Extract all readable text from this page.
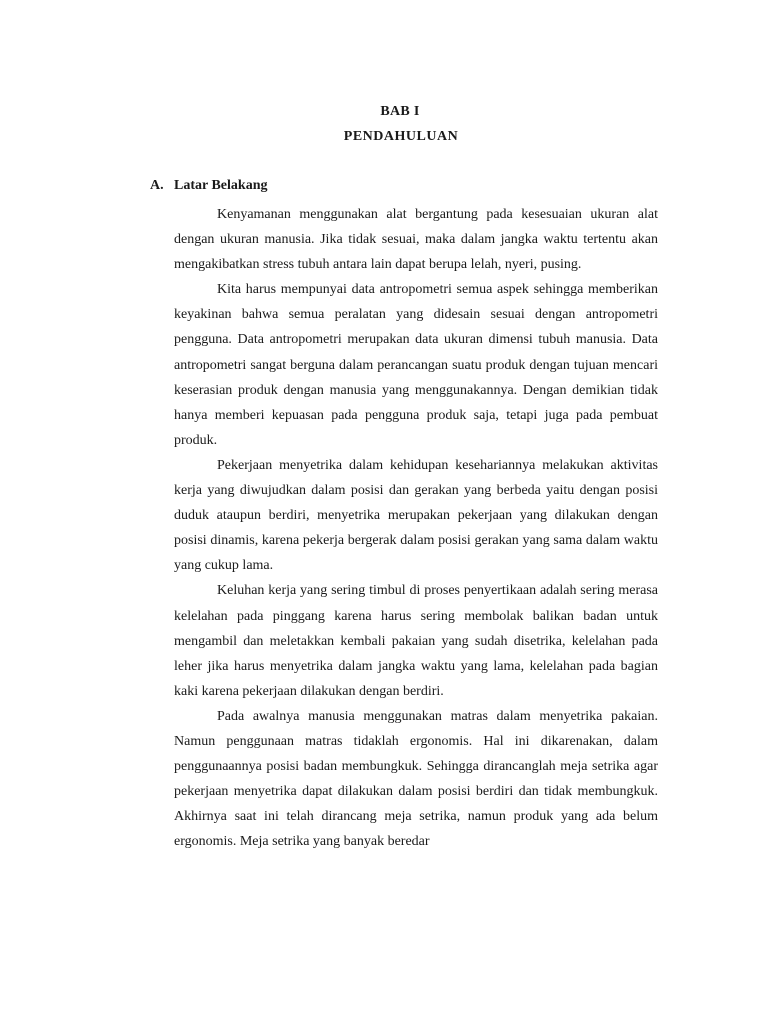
BAB I
PENDAHULUAN
A. Latar Belakang

Kenyamanan menggunakan alat bergantung pada kesesuaian ukuran alat dengan ukuran manusia. Jika tidak sesuai, maka dalam jangka waktu tertentu akan mengakibatkan stress tubuh antara lain dapat berupa lelah, nyeri, pusing.

Kita harus mempunyai data antropometri semua aspek sehingga memberikan keyakinan bahwa semua peralatan yang didesain sesuai dengan antropometri pengguna. Data antropometri merupakan data ukuran dimensi tubuh manusia. Data antropometri sangat berguna dalam perancangan suatu produk dengan tujuan mencari keserasian produk dengan manusia yang menggunakannya. Dengan demikian tidak hanya memberi kepuasan pada pengguna produk saja, tetapi juga pada pembuat produk.

Pekerjaan menyetrika dalam kehidupan kesehariannya melakukan aktivitas kerja yang diwujudkan dalam posisi dan gerakan yang berbeda yaitu dengan posisi duduk ataupun berdiri, menyetrika merupakan pekerjaan yang dilakukan dengan posisi dinamis, karena pekerja bergerak dalam posisi gerakan yang sama dalam waktu yang cukup lama.

Keluhan kerja yang sering timbul di proses penyertikaan adalah sering merasa kelelahan pada pinggang karena harus sering membolak balikan badan untuk mengambil dan meletakkan kembali pakaian yang sudah disetrika, kelelahan pada leher jika harus menyetrika dalam jangka waktu yang lama, kelelahan pada bagian kaki karena pekerjaan dilakukan dengan berdiri.

Pada awalnya manusia menggunakan matras dalam menyetrika pakaian. Namun penggunaan matras tidaklah ergonomis. Hal ini dikarenakan, dalam penggunaannya posisi badan membungkuk. Sehingga dirancanglah meja setrika agar pekerjaan menyetrika dapat dilakukan dalam posisi berdiri dan tidak membungkuk. Akhirnya saat ini telah dirancang meja setrika, namun produk yang ada belum ergonomis. Meja setrika yang banyak beredar
